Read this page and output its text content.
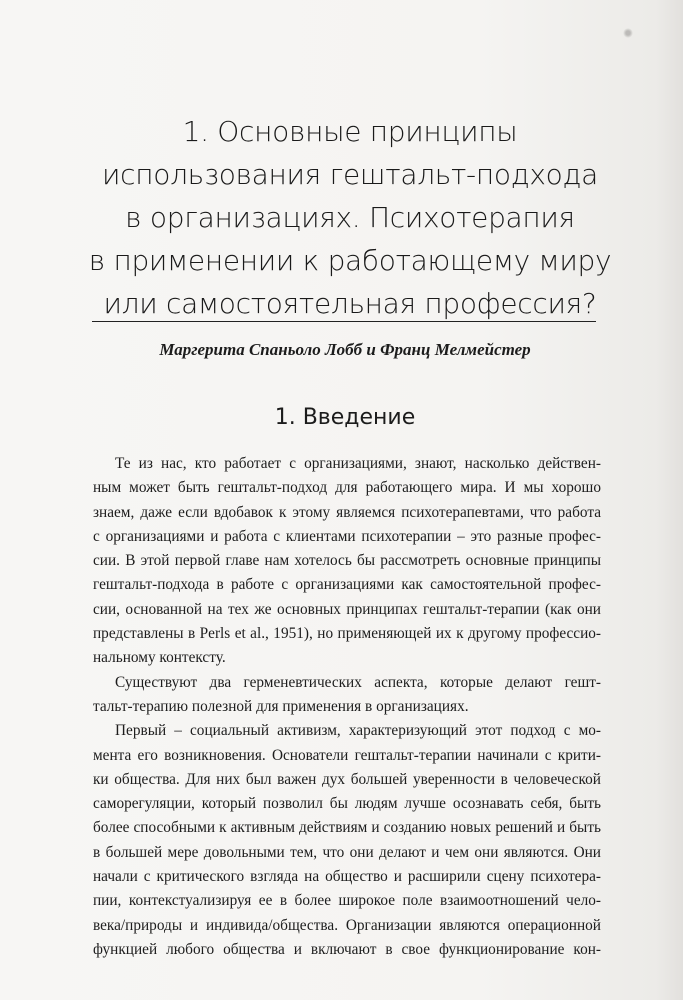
1. Основные принципы
использования гештальт-подхода
в организациях. Психотерапия
в применении к работающему миру
или самостоятельная профессия?
Маргерита Спаньоло Лобб и Франц Мелмейстер
1. Введение
Те из нас, кто работает с организациями, знают, насколько действен-
ным может быть гештальт-подход для работающего мира. И мы хорошо
знаем, даже если вдобавок к этому являемся психотерапевтами, что работа
с организациями и работа с клиентами психотерапии – это разные профес-
сии. В этой первой главе нам хотелось бы рассмотреть основные принципы
гештальт-подхода в работе с организациями как самостоятельной профес-
сии, основанной на тех же основных принципах гештальт-терапии (как они
представлены в Perls et al., 1951), но применяющей их к другому профессио-
нальному контексту.
Существуют два герменевтических аспекта, которые делают гешт-
тальт-терапию полезной для применения в организациях.
Первый – социальный активизм, характеризующий этот подход с мо-
мента его возникновения. Основатели гештальт-терапии начинали с крити-
ки общества. Для них был важен дух большей уверенности в человеческой
саморегуляции, который позволил бы людям лучше осознавать себя, быть
более способными к активным действиям и созданию новых решений и быть
в большей мере довольными тем, что они делают и чем они являются. Они
начали с критического взгляда на общество и расширили сцену психотера-
пии, контекстуализируя ее в более широкое поле взаимоотношений чело-
века/природы и индивида/общества. Организации являются операционной
функцией любого общества и включают в свое функционирование кон-
